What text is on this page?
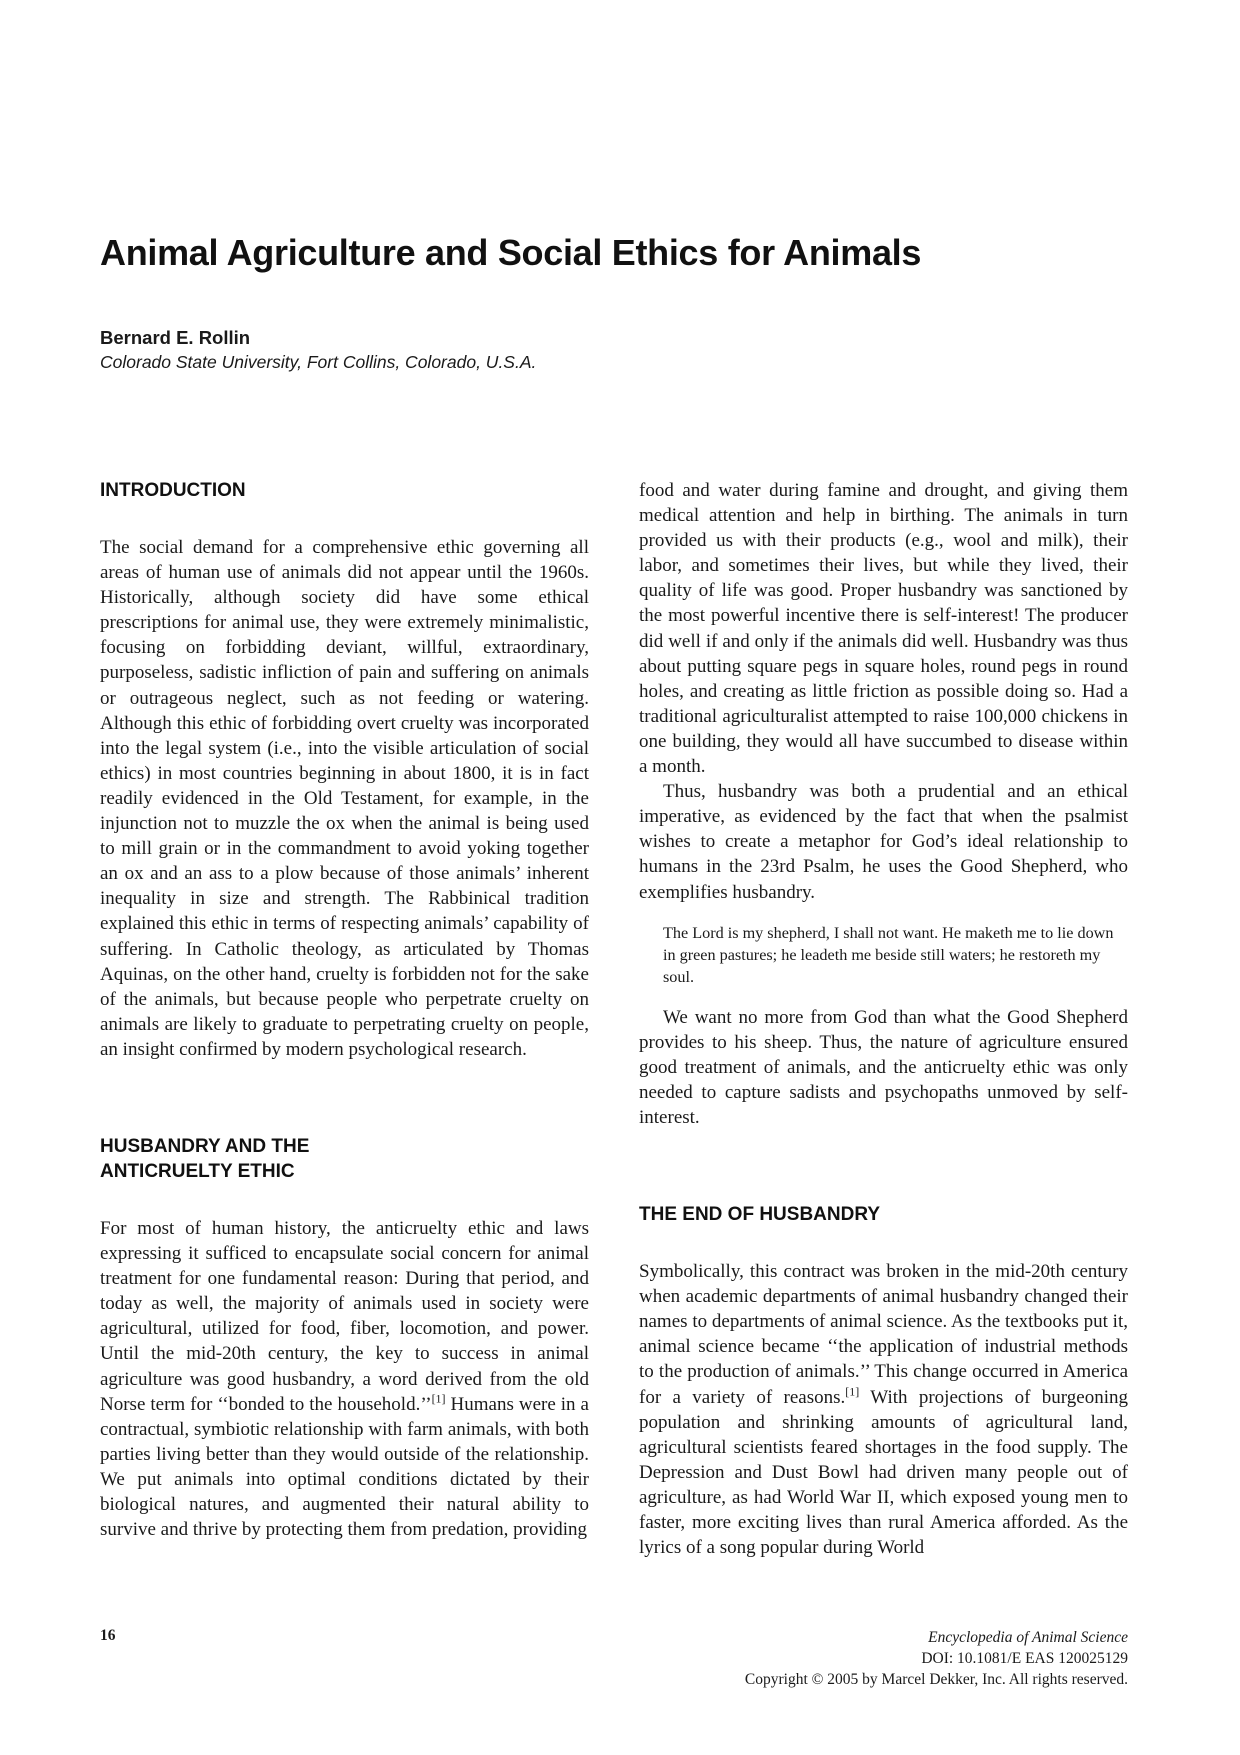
Animal Agriculture and Social Ethics for Animals
Bernard E. Rollin
Colorado State University, Fort Collins, Colorado, U.S.A.
INTRODUCTION

The social demand for a comprehensive ethic governing all areas of human use of animals did not appear until the 1960s. Historically, although society did have some ethical prescriptions for animal use, they were extremely minimalistic, focusing on forbidding deviant, willful, extraordinary, purposeless, sadistic infliction of pain and suffering on animals or outrageous neglect, such as not feeding or watering. Although this ethic of forbidding overt cruelty was incorporated into the legal system (i.e., into the visible articulation of social ethics) in most countries beginning in about 1800, it is in fact readily evidenced in the Old Testament, for example, in the injunction not to muzzle the ox when the animal is being used to mill grain or in the commandment to avoid yoking together an ox and an ass to a plow because of those animals’ inherent inequality in size and strength. The Rabbinical tradition explained this ethic in terms of respecting animals’ capability of suffering. In Catholic theology, as articulated by Thomas Aquinas, on the other hand, cruelty is forbidden not for the sake of the animals, but because people who perpetrate cruelty on animals are likely to graduate to perpetrating cruelty on people, an insight confirmed by modern psychological research.

HUSBANDRY AND THE
ANTICRUELTY ETHIC

For most of human history, the anticruelty ethic and laws expressing it sufficed to encapsulate social concern for animal treatment for one fundamental reason: During that period, and today as well, the majority of animals used in society were agricultural, utilized for food, fiber, locomotion, and power. Until the mid-20th century, the key to success in animal agriculture was good husbandry, a word derived from the old Norse term for ‘‘bonded to the household.’’[1] Humans were in a contractual, symbiotic relationship with farm animals, with both parties living better than they would outside of the relationship. We put animals into optimal conditions dictated by their biological natures, and augmented their natural ability to survive and thrive by protecting them from predation, providing

food and water during famine and drought, and giving them medical attention and help in birthing. The animals in turn provided us with their products (e.g., wool and milk), their labor, and sometimes their lives, but while they lived, their quality of life was good. Proper husbandry was sanctioned by the most powerful incentive there is self-interest! The producer did well if and only if the animals did well. Husbandry was thus about putting square pegs in square holes, round pegs in round holes, and creating as little friction as possible doing so. Had a traditional agriculturalist attempted to raise 100,000 chickens in one building, they would all have succumbed to disease within a month.

Thus, husbandry was both a prudential and an ethical imperative, as evidenced by the fact that when the psalmist wishes to create a metaphor for God’s ideal relationship to humans in the 23rd Psalm, he uses the Good Shepherd, who exemplifies husbandry.

The Lord is my shepherd, I shall not want. He maketh me to lie down in green pastures; he leadeth me beside still waters; he restoreth my soul.

We want no more from God than what the Good Shepherd provides to his sheep. Thus, the nature of agriculture ensured good treatment of animals, and the anticruelty ethic was only needed to capture sadists and psychopaths unmoved by self-interest.

THE END OF HUSBANDRY

Symbolically, this contract was broken in the mid-20th century when academic departments of animal husbandry changed their names to departments of animal science. As the textbooks put it, animal science became ‘‘the application of industrial methods to the production of animals.’’ This change occurred in America for a variety of reasons.[1] With projections of burgeoning population and shrinking amounts of agricultural land, agricultural scientists feared shortages in the food supply. The Depression and Dust Bowl had driven many people out of agriculture, as had World War II, which exposed young men to faster, more exciting lives than rural America afforded. As the lyrics of a song popular during World

16	Encyclopedia of Animal Science
DOI: 10.1081/E EAS 120025129
Copyright © 2005 by Marcel Dekker, Inc. All rights reserved.
